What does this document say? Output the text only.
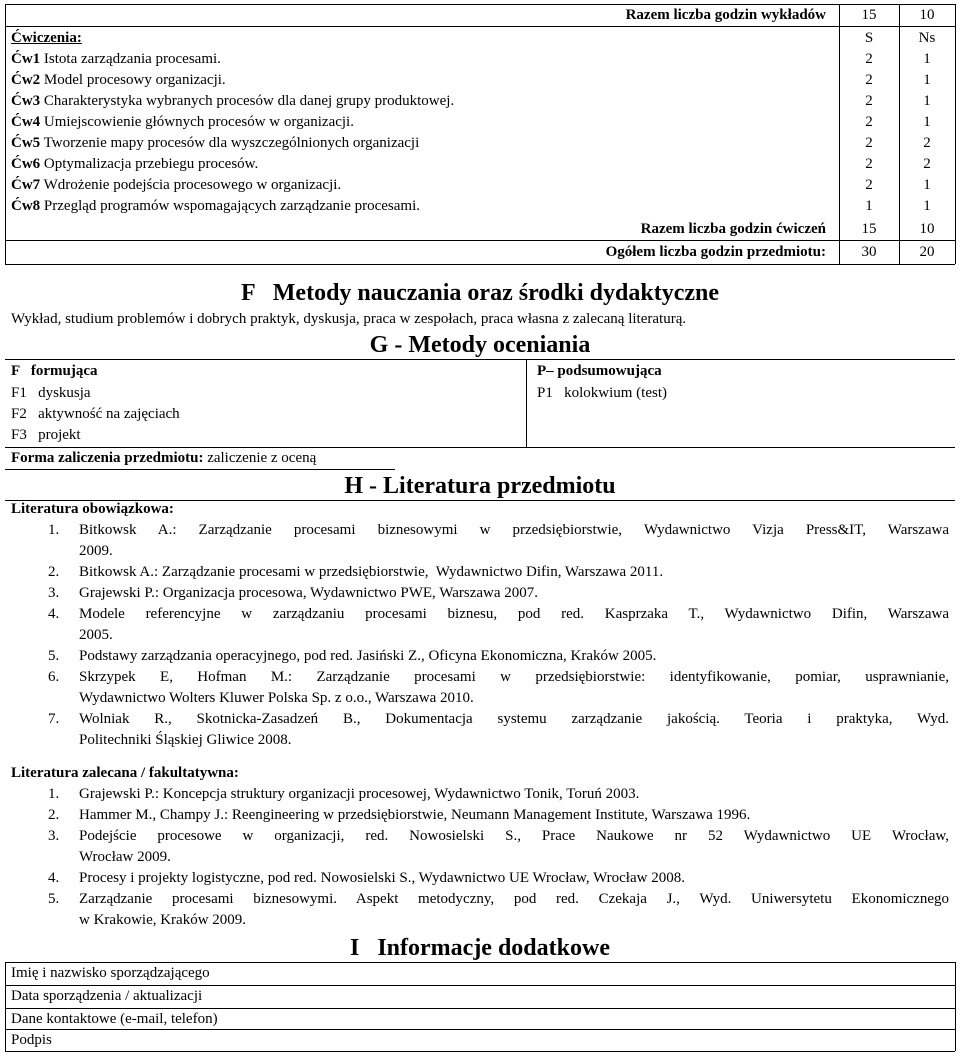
Razem liczba godzin wykładów	15	10
Ćwiczenia:	S	Ns
Ćw1 Istota zarządzania procesami.	2	1
Ćw2 Model procesowy organizacji.	2	1
Ćw3 Charakterystyka wybranych procesów dla danej grupy produktowej.	2	1
Ćw4 Umiejscowienie głównych procesów w organizacji.	2	1
Ćw5 Tworzenie mapy procesów dla wyszczególnionych organizacji	2	2
Ćw6 Optymalizacja przebiegu procesów.	2	2
Ćw7 Wdrożenie podejścia procesowego w organizacji.	2	1
Ćw8 Przegląd programów wspomagających zarządzanie procesami.	1	1
Razem liczba godzin ćwiczeń	15	10
Ogółem liczba godzin przedmiotu:	30	20
F   Metody nauczania oraz środki dydaktyczne
Wykład, studium problemów i dobrych praktyk, dyskusja, praca w zespołach, praca własna z zalecaną literaturą.
G - Metody oceniania
F   formująca	P– podsumowująca
F1   dyskusja
F2   aktywność na zajęciach
F3   projekt
P1   kolokwium (test)
Forma zaliczenia przedmiotu: zaliczenie z oceną
H - Literatura przedmiotu
Literatura obowiązkowa:
1. Bitkowsk A.: Zarządzanie procesami biznesowymi w przedsiębiorstwie, Wydawnictwo Vizja Press&IT, Warszawa
2009.
2. Bitkowsk A.: Zarządzanie procesami w przedsiębiorstwie,  Wydawnictwo Difin, Warszawa 2011.
3. Grajewski P.: Organizacja procesowa, Wydawnictwo PWE, Warszawa 2007.
4. Modele referencyjne w zarządzaniu procesami biznesu, pod red. Kasprzaka T., Wydawnictwo Difin, Warszawa
2005.
5. Podstawy zarządzania operacyjnego, pod red. Jasiński Z., Oficyna Ekonomiczna, Kraków 2005.
6. Skrzypek E, Hofman M.: Zarządzanie procesami w przedsiębiorstwie: identyfikowanie, pomiar, usprawnianie,
Wydawnictwo Wolters Kluwer Polska Sp. z o.o., Warszawa 2010.
7. Wolniak R., Skotnicka-Zasadzeń B., Dokumentacja systemu zarządzanie jakością. Teoria i praktyka, Wyd.
Politechniki Śląskiej Gliwice 2008.
Literatura zalecana / fakultatywna:
1. Grajewski P.: Koncepcja struktury organizacji procesowej, Wydawnictwo Tonik, Toruń 2003.
2. Hammer M., Champy J.: Reengineering w przedsiębiorstwie, Neumann Management Institute, Warszawa 1996.
3. Podejście procesowe w organizacji, red. Nowosielski S., Prace Naukowe nr 52 Wydawnictwo UE Wrocław,
Wrocław 2009.
4. Procesy i projekty logistyczne, pod red. Nowosielski S., Wydawnictwo UE Wrocław, Wrocław 2008.
5. Zarządzanie procesami biznesowymi. Aspekt metodyczny, pod red. Czekaja J., Wyd. Uniwersytetu Ekonomicznego
w Krakowie, Kraków 2009.
I   Informacje dodatkowe
Imię i nazwisko sporządzającego
Data sporządzenia / aktualizacji
Dane kontaktowe (e-mail, telefon)
Podpis
